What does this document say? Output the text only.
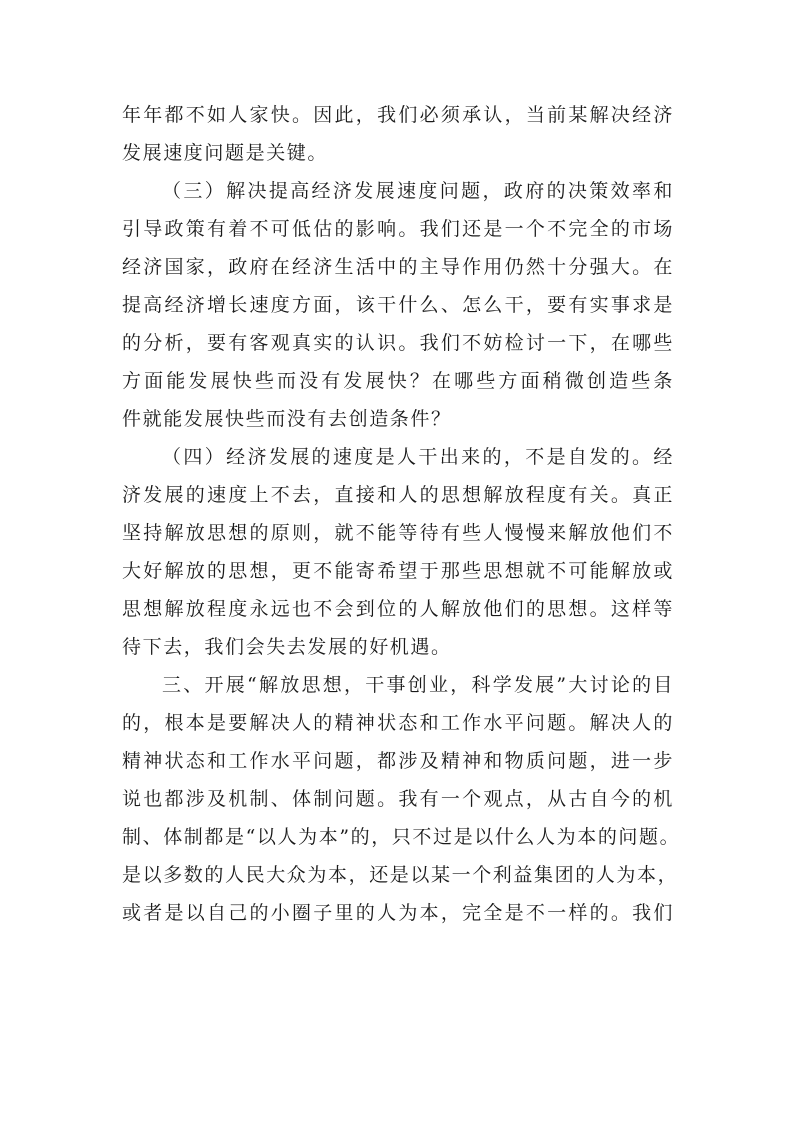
年年都不如人家快。因此，我们必须承认，当前某解决经济
发展速度问题是关键。
（三）解决提高经济发展速度问题，政府的决策效率和
引导政策有着不可低估的影响。我们还是一个不完全的市场
经济国家，政府在经济生活中的主导作用仍然十分强大。在
提高经济增长速度方面，该干什么、怎么干，要有实事求是
的分析，要有客观真实的认识。我们不妨检讨一下，在哪些
方面能发展快些而没有发展快？在哪些方面稍微创造些条
件就能发展快些而没有去创造条件？
（四）经济发展的速度是人干出来的，不是自发的。经
济发展的速度上不去，直接和人的思想解放程度有关。真正
坚持解放思想的原则，就不能等待有些人慢慢来解放他们不
大好解放的思想，更不能寄希望于那些思想就不可能解放或
思想解放程度永远也不会到位的人解放他们的思想。这样等
待下去，我们会失去发展的好机遇。
三、开展“解放思想，干事创业，科学发展”大讨论的目
的，根本是要解决人的精神状态和工作水平问题。解决人的
精神状态和工作水平问题，都涉及精神和物质问题，进一步
说也都涉及机制、体制问题。我有一个观点，从古自今的机
制、体制都是“以人为本”的，只不过是以什么人为本的问题。
是以多数的人民大众为本，还是以某一个利益集团的人为本，
或者是以自己的小圈子里的人为本，完全是不一样的。我们
